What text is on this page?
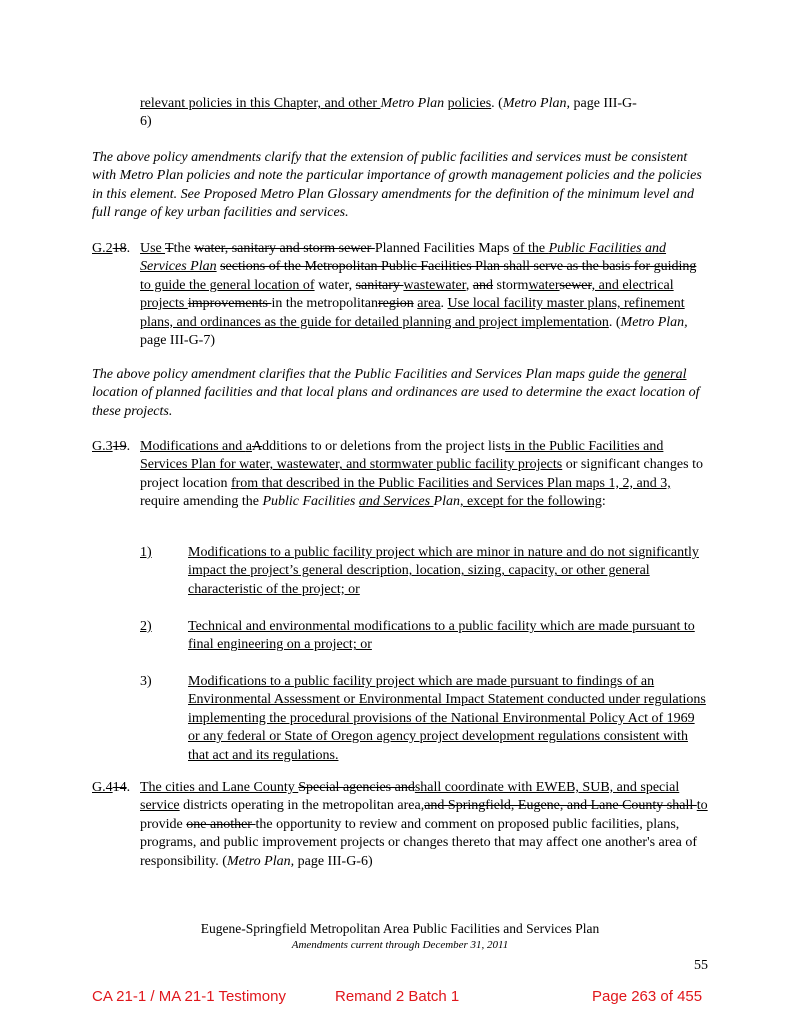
relevant policies in this Chapter, and other Metro Plan policies. (Metro Plan, page III-G-
6)
The above policy amendments clarify that the extension of public facilities and services must be consistent with Metro Plan policies and note the particular importance of growth management policies and the policies in this element. See Proposed Metro Plan Glossary amendments for the definition of the minimum level and full range of key urban facilities and services.
G.218. Use Tthe water, sanitary and storm sewer Planned Facilities Maps of the Public Facilities and Services Plan sections of the Metropolitan Public Facilities Plan shall serve as the basis for guiding to guide the general location of water, sanitary wastewater, and stormwatersewer, and electrical projects improvements in the metropolitanregion area. Use local facility master plans, refinement plans, and ordinances as the guide for detailed planning and project implementation. (Metro Plan, page III-G-7)
The above policy amendment clarifies that the Public Facilities and Services Plan maps guide the general location of planned facilities and that local plans and ordinances are used to determine the exact location of these projects.
G.319. Modifications and aAdditions to or deletions from the project lists in the Public Facilities and Services Plan for water, wastewater, and stormwater public facility projects or significant changes to project location from that described in the Public Facilities and Services Plan maps 1, 2, and 3, require amending the Public Facilities and Services Plan, except for the following:
1)	Modifications to a public facility project which are minor in nature and do not significantly impact the project’s general description, location, sizing, capacity, or other general characteristic of the project; or
2)	Technical and environmental modifications to a public facility which are made pursuant to final engineering on a project; or
3)	Modifications to a public facility project which are made pursuant to findings of an Environmental Assessment or Environmental Impact Statement conducted under regulations implementing the procedural provisions of the National Environmental Policy Act of 1969 or any federal or State of Oregon agency project development regulations consistent with that act and its regulations.
G.414. The cities and Lane County Special agencies andshall coordinate with EWEB, SUB, and special service districts operating in the metropolitan area,and Springfield, Eugene, and Lane County shall to provide one another the opportunity to review and comment on proposed public facilities, plans, programs, and public improvement projects or changes thereto that may affect one another's area of responsibility. (Metro Plan, page III-G-6)
Eugene-Springfield Metropolitan Area Public Facilities and Services Plan
Amendments current through December 31, 2011
55
CA 21-1 / MA 21-1 Testimony	Remand 2 Batch 1	Page 263 of 455
